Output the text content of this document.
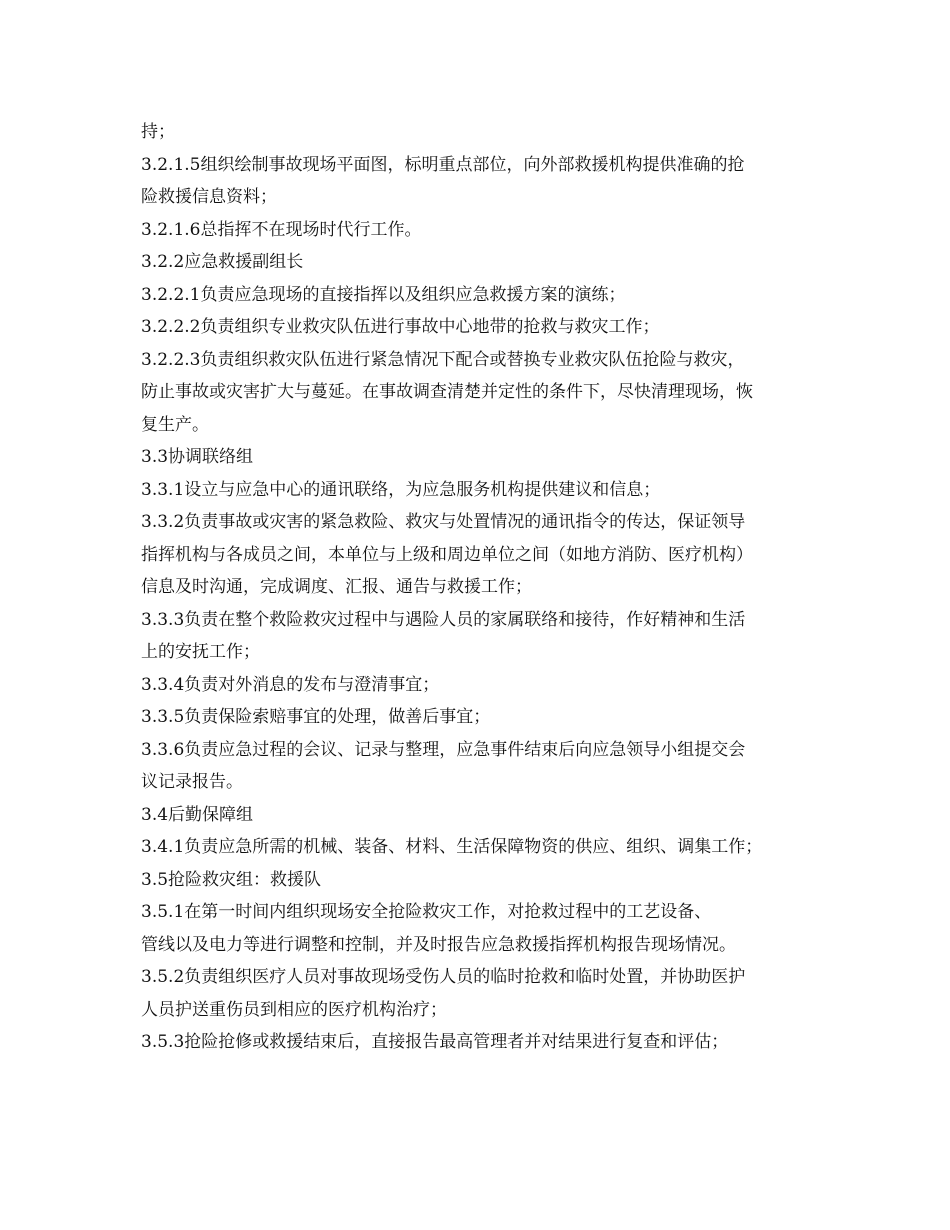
持；
3.2.1.5组织绘制事故现场平面图，标明重点部位，向外部救援机构提供准确的抢
险救援信息资料；
3.2.1.6总指挥不在现场时代行工作。
3.2.2应急救援副组长
3.2.2.1负责应急现场的直接指挥以及组织应急救援方案的演练；
3.2.2.2负责组织专业救灾队伍进行事故中心地带的抢救与救灾工作；
3.2.2.3负责组织救灾队伍进行紧急情况下配合或替换专业救灾队伍抢险与救灾，
防止事故或灾害扩大与蔓延。在事故调查清楚并定性的条件下，尽快清理现场，恢
复生产。
3.3协调联络组
3.3.1设立与应急中心的通讯联络，为应急服务机构提供建议和信息；
3.3.2负责事故或灾害的紧急救险、救灾与处置情况的通讯指令的传达，保证领导
指挥机构与各成员之间，本单位与上级和周边单位之间（如地方消防、医疗机构）
信息及时沟通，完成调度、汇报、通告与救援工作；
3.3.3负责在整个救险救灾过程中与遇险人员的家属联络和接待，作好精神和生活
上的安抚工作；
3.3.4负责对外消息的发布与澄清事宜；
3.3.5负责保险索赔事宜的处理，做善后事宜；
3.3.6负责应急过程的会议、记录与整理，应急事件结束后向应急领导小组提交会
议记录报告。
3.4后勤保障组
3.4.1负责应急所需的机械、装备、材料、生活保障物资的供应、组织、调集工作；
3.5抢险救灾组：救援队
3.5.1在第一时间内组织现场安全抢险救灾工作，对抢救过程中的工艺设备、
管线以及电力等进行调整和控制，并及时报告应急救援指挥机构报告现场情况。
3.5.2负责组织医疗人员对事故现场受伤人员的临时抢救和临时处置，并协助医护
人员护送重伤员到相应的医疗机构治疗；
3.5.3抢险抢修或救援结束后，直接报告最高管理者并对结果进行复查和评估；
